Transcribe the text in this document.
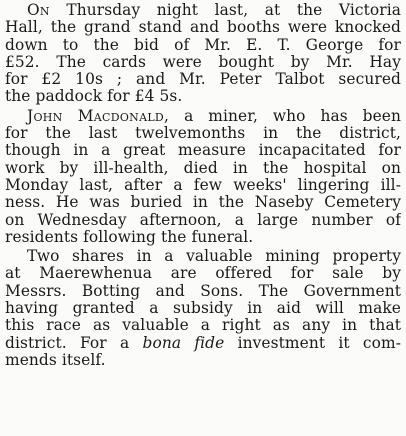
On Thursday night last, at the Victoria
Hall, the grand stand and booths were knocked
down to the bid of Mr. E. T. George for
£52. The cards were bought by Mr. Hay
for £2 10s ; and Mr. Peter Talbot secured
the paddock for £4 5s.
John Macdonald, a miner, who has been
for the last twelvemonths in the district,
though in a great measure incapacitated for
work by ill-health, died in the hospital on
Monday last, after a few weeks' lingering ill-
ness. He was buried in the Naseby Cemetery
on Wednesday afternoon, a large number of
residents following the funeral.
Two shares in a valuable mining property
at Maerewhenua are offered for sale by
Messrs. Botting and Sons. The Government
having granted a subsidy in aid will make
this race as valuable a right as any in that
district. For a bona fide investment it com-
mends itself.
